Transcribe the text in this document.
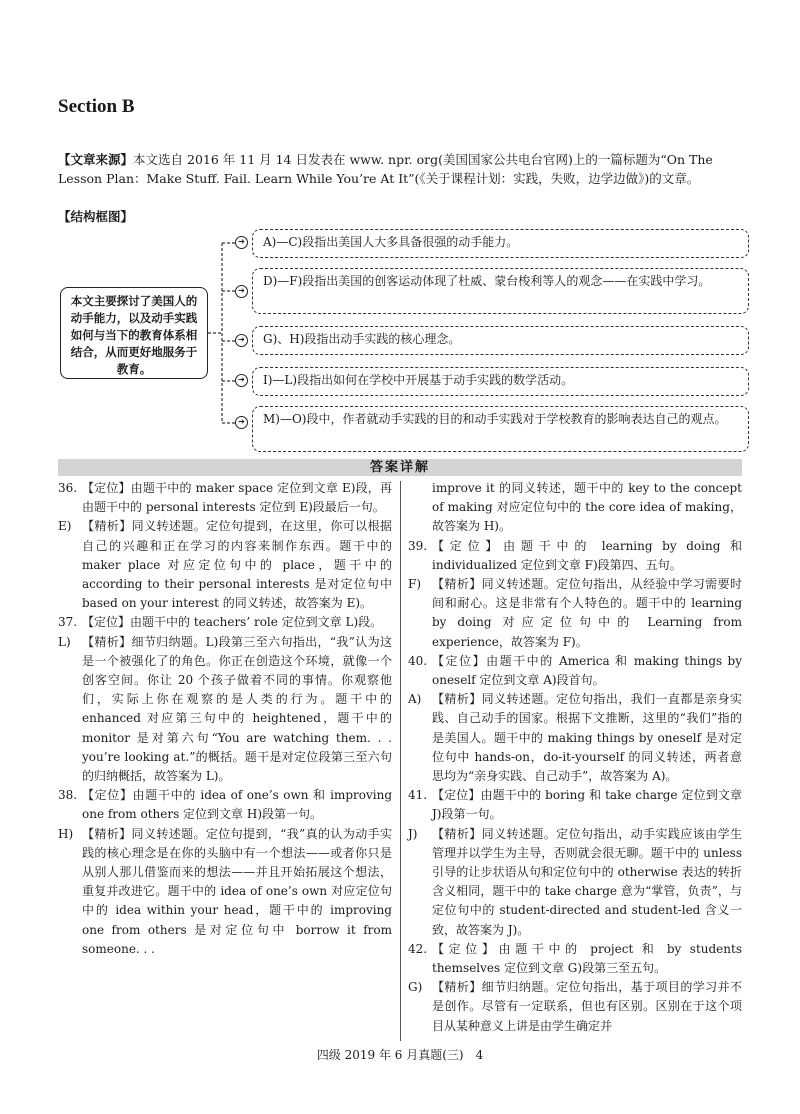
Section B
【文章来源】本文选自 2016 年 11 月 14 日发表在 www. npr. org(美国国家公共电台官网)上的一篇标题为“On The Lesson Plan：Make Stuff. Fail. Learn While You’re At It”(《关于课程计划：实践，失败，边学边做》)的文章。
【结构框图】
本文主要探讨了美国人的动手能力，以及动手实践如何与当下的教育体系相结合，从而更好地服务于教育。
➔	A)—C)段指出美国人大多具备很强的动手能力。
➔
D)—F)段指出美国的创客运动体现了杜威、蒙台梭利等人的观念——在实践中学习。
➔	G)、H)段指出动手实践的核心理念。
➔	I)—L)段指出如何在学校中开展基于动手实践的数学活动。
➔	M)—O)段中，作者就动手实践的目的和动手实践对于学校教育的影响表达自己的观点。
答案详解
36. 【定位】由题干中的 maker space 定位到文章 E)段，再由题干中的 personal interests 定位到 E)段最后一句。
E) 【精析】同义转述题。定位句提到，在这里，你可以根据自己的兴趣和正在学习的内容来制作东西。题干中的 maker place 对应定位句中的 place，题干中的 according to their personal interests 是对定位句中 based on your interest 的同义转述，故答案为 E)。
37. 【定位】由题干中的 teachers’ role 定位到文章 L)段。
L) 【精析】细节归纳题。L)段第三至六句指出，“我”认为这是一个被强化了的角色。你正在创造这个环境，就像一个创客空间。你让 20 个孩子做着不同的事情。你观察他们，实际上你在观察的是人类的行为。题干中的 enhanced 对应第三句中的 heightened，题干中的 monitor 是对第六句“You are watching them. . . you’re looking at.”的概括。题干是对定位段第三至六句的归纳概括，故答案为 L)。
38. 【定位】由题干中的 idea of one’s own 和 improving one from others 定位到文章 H)段第一句。
H) 【精析】同义转述题。定位句提到，“我”真的认为动手实践的核心理念是在你的头脑中有一个想法——或者你只是从别人那儿借鉴而来的想法——并且开始拓展这个想法，重复并改进它。题干中的 idea of one’s own 对应定位句中的 idea within your head，题干中的 improving one from others 是对定位句中 borrow it from someone. . .
improve it 的同义转述，题干中的 key to the concept of making 对应定位句中的 the core idea of making，故答案为 H)。
39. 【定位】由题干中的 learning by doing 和 individualized 定位到文章 F)段第四、五句。
F) 【精析】同义转述题。定位句指出，从经验中学习需要时间和耐心。这是非常有个人特色的。题干中的 learning by doing 对应定位句中的 Learning from experience，故答案为 F)。
40. 【定位】由题干中的 America 和 making things by oneself 定位到文章 A)段首句。
A) 【精析】同义转述题。定位句指出，我们一直都是亲身实践、自己动手的国家。根据下文推断，这里的“我们”指的是美国人。题干中的 making things by oneself 是对定位句中 hands-on，do-it-yourself 的同义转述，两者意思均为“亲身实践、自己动手”，故答案为 A)。
41. 【定位】由题干中的 boring 和 take charge 定位到文章 J)段第一句。
J)	【精析】同义转述题。定位句指出，动手实践应该由学生管理并以学生为主导，否则就会很无聊。题干中的 unless 引导的让步状语从句和定位句中的 otherwise 表达的转折含义相同，题干中的 take charge 意为“掌管，负责”，与定位句中的 student-directed and student-led 含义一致，故答案为 J)。
42. 【定位】由题干中的 project 和 by students themselves 定位到文章 G)段第三至五句。
G) 【精析】细节归纳题。定位句指出，基于项目的学习并不是创作。尽管有一定联系，但也有区别。区别在于这个项目从某种意义上讲是由学生确定并
四级 2019 年 6 月真题(三)　4
